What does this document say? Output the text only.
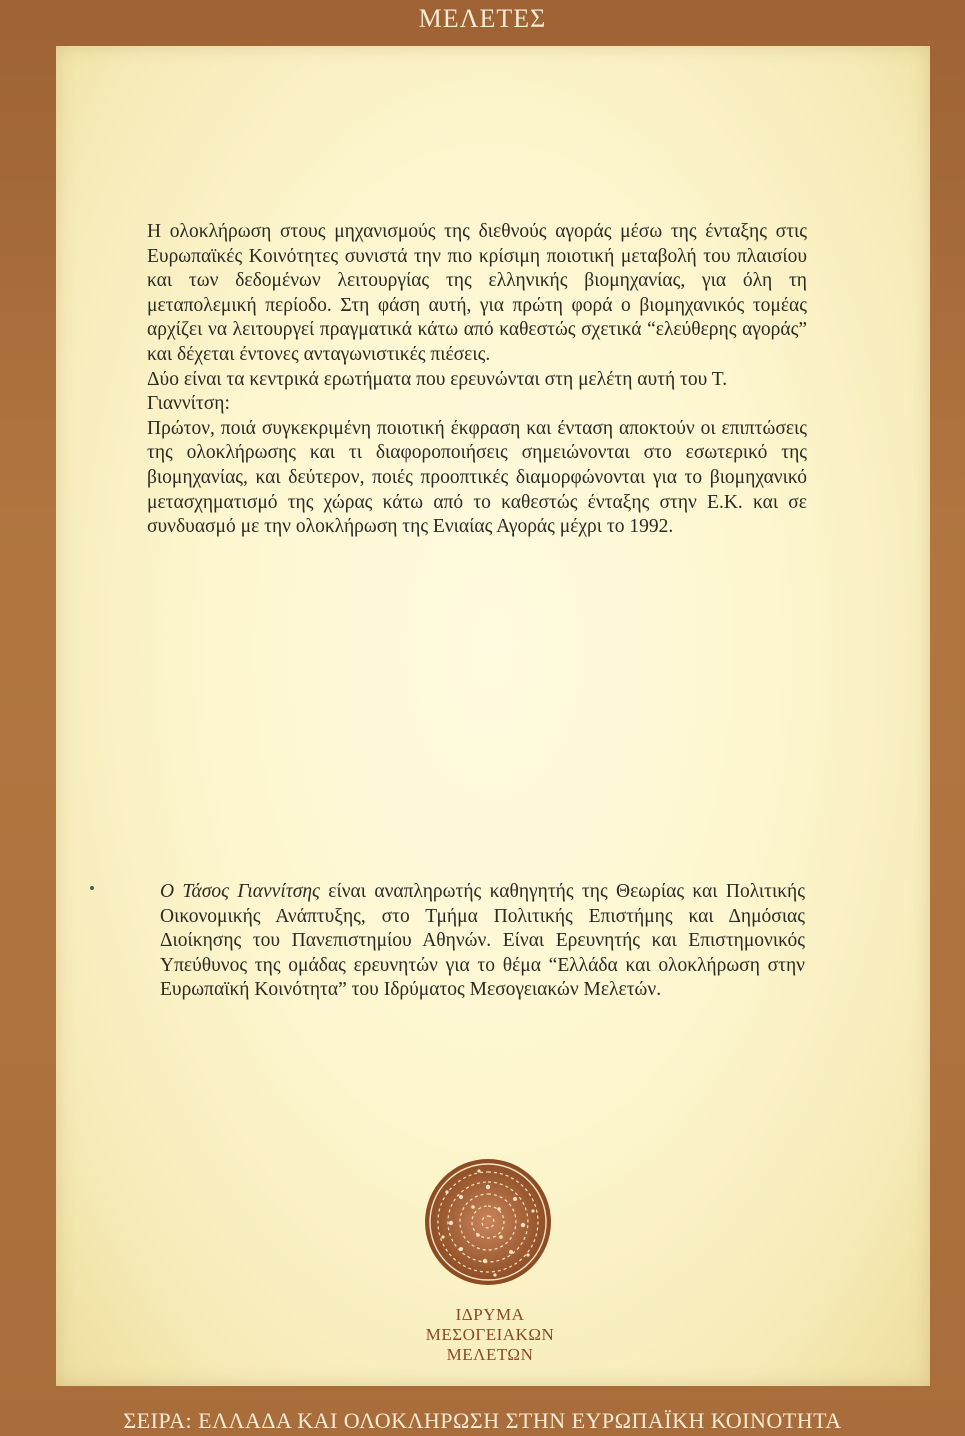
ΜΕΛΕΤΕΣ

Η ολοκλήρωση στους μηχανισμούς της διεθνούς αγοράς μέσω της ένταξης στις Ευρωπαϊκές Κοινότητες συνιστά την πιο κρίσιμη ποιοτική μεταβολή του πλαισίου και των δεδομένων λειτουργίας της ελληνικής βιομηχανίας, για όλη τη μεταπολεμική περίοδο. Στη φάση αυτή, για πρώτη φορά ο βιομηχανικός τομέας αρχίζει να λειτουργεί πραγματικά κάτω από καθεστώς σχετικά “ελεύθερης αγοράς” και δέχεται έντονες ανταγωνιστικές πιέσεις.

Δύο είναι τα κεντρικά ερωτήματα που ερευνώνται στη μελέτη αυτή του Τ. Γιαννίτση:

Πρώτον, ποιά συγκεκριμένη ποιοτική έκφραση και ένταση αποκτούν οι επιπτώσεις της ολοκλήρωσης και τι διαφοροποιήσεις σημειώνονται στο εσωτερικό της βιομηχανίας, και δεύτερον, ποιές προοπτικές διαμορφώνονται για το βιομηχανικό μετασχηματισμό της χώρας κάτω από το καθεστώς ένταξης στην Ε.Κ. και σε συνδυασμό με την ολοκλήρωση της Ενιαίας Αγοράς μέχρι το 1992.

Ο Τάσος Γιαννίτσης είναι αναπληρωτής καθηγητής της Θεωρίας και Πολιτικής Οικονομικής Ανάπτυξης, στο Τμήμα Πολιτικής Επιστήμης και Δημόσιας Διοίκησης του Πανεπιστημίου Αθηνών. Είναι Ερευνητής και Επιστημονικός Υπεύθυνος της ομάδας ερευνητών για το θέμα “Ελλάδα και ολοκλήρωση στην Ευρωπαϊκή Κοινότητα” του Ιδρύματος Μεσογειακών Μελετών.
ΙΔΡΥΜΑ
ΜΕΣΟΓΕΙΑΚΩΝ
ΜΕΛΕΤΩΝ
ΣΕΙΡΑ: ΕΛΛΑΔΑ ΚΑΙ ΟΛΟΚΛΗΡΩΣΗ ΣΤΗΝ ΕΥΡΩΠΑΪΚΗ ΚΟΙΝΟΤΗΤΑ
